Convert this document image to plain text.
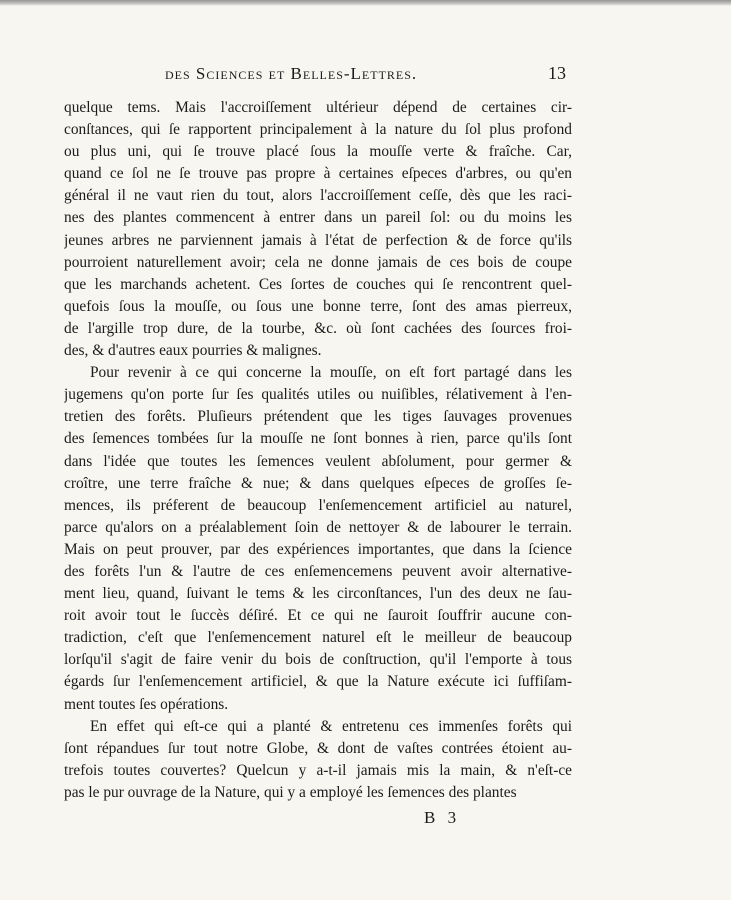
des Sciences et Belles-Lettres.	13
quelque tems. Mais l'accroiſſement ultérieur dépend de certaines cir-
conſtances, qui ſe rapportent principalement à la nature du ſol plus profond
ou plus uni, qui ſe trouve placé ſous la mouſſe verte & fraîche. Car,
quand ce ſol ne ſe trouve pas propre à certaines eſpeces d'arbres, ou qu'en
général il ne vaut rien du tout, alors l'accroiſſement ceſſe, dès que les raci-
nes des plantes commencent à entrer dans un pareil ſol: ou du moins les
jeunes arbres ne parviennent jamais à l'état de perfection & de force qu'ils
pourroient naturellement avoir; cela ne donne jamais de ces bois de coupe
que les marchands achetent. Ces ſortes de couches qui ſe rencontrent quel-
quefois ſous la mouſſe, ou ſous une bonne terre, ſont des amas pierreux,
de l'argille trop dure, de la tourbe, &c. où ſont cachées des ſources froi-
des, & d'autres eaux pourries & malignes.
Pour revenir à ce qui concerne la mouſſe, on eſt fort partagé dans les
jugemens qu'on porte ſur ſes qualités utiles ou nuiſibles, rélativement à l'en-
tretien des forêts. Pluſieurs prétendent que les tiges ſauvages provenues
des ſemences tombées ſur la mouſſe ne ſont bonnes à rien, parce qu'ils ſont
dans l'idée que toutes les ſemences veulent abſolument, pour germer &
croître, une terre fraîche & nue; & dans quelques eſpeces de groſſes ſe-
mences, ils préferent de beaucoup l'enſemencement artificiel au naturel,
parce qu'alors on a préalablement ſoin de nettoyer & de labourer le terrain.
Mais on peut prouver, par des expériences importantes, que dans la ſcience
des forêts l'un & l'autre de ces enſemencemens peuvent avoir alternative-
ment lieu, quand, ſuivant le tems & les circonſtances, l'un des deux ne ſau-
roit avoir tout le ſuccès déſiré. Et ce qui ne ſauroit ſouffrir aucune con-
tradiction, c'eſt que l'enſemencement naturel eſt le meilleur de beaucoup
lorſqu'il s'agit de faire venir du bois de conſtruction, qu'il l'emporte à tous
égards ſur l'enſemencement artificiel, & que la Nature exécute ici ſuffiſam-
ment toutes ſes opérations.
En effet qui eſt-ce qui a planté & entretenu ces immenſes forêts qui
ſont répandues ſur tout notre Globe, & dont de vaſtes contrées étoient au-
trefois toutes couvertes? Quelcun y a-t-il jamais mis la main, & n'eſt-ce
pas le pur ouvrage de la Nature, qui y a employé les ſemences des plantes
B 3
